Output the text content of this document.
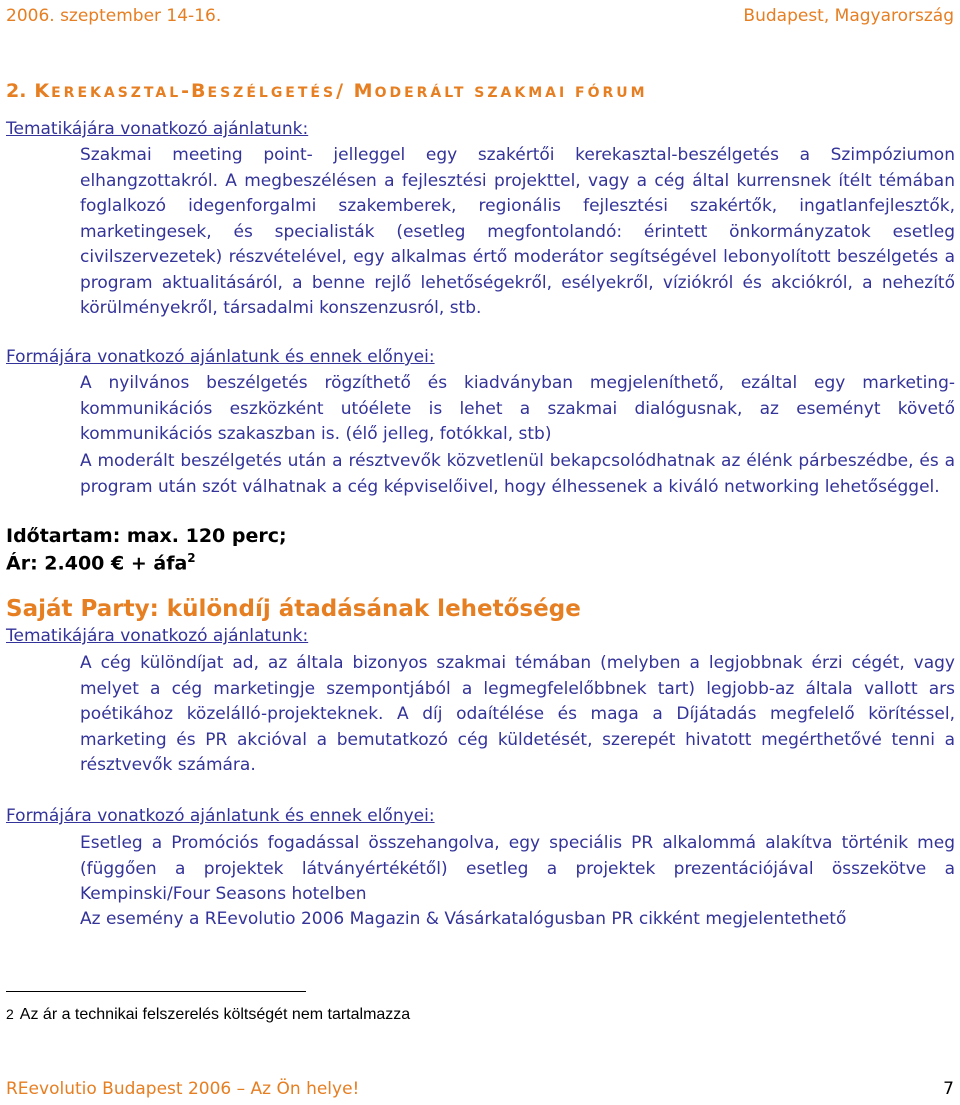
2006. szeptember 14-16.	Budapest, Magyarország
2. KEREKASZTAL-BESZÉLGETÉS/ MODERÁLT SZAKMAI FÓRUM
Tematikájára vonatkozó ajánlatunk:

Szakmai meeting point- jelleggel egy szakértői kerekasztal-beszélgetés a Szimpóziumon elhangzottakról. A megbeszélésen a fejlesztési projekttel, vagy a cég által kurrensnek ítélt témában foglalkozó idegenforgalmi szakemberek, regionális fejlesztési szakértők, ingatlanfejlesztők, marketingesek, és specialisták (esetleg megfontolandó: érintett önkormányzatok esetleg civilszervezetek) részvételével, egy alkalmas értő moderátor segítségével lebonyolított beszélgetés a program aktualitásáról, a benne rejlő lehetőségekről, esélyekről, víziókról és akciókról, a nehezítő körülményekről, társadalmi konszenzusról, stb.

Formájára vonatkozó ajánlatunk és ennek előnyei:

A nyilvános beszélgetés rögzíthető és kiadványban megjeleníthető, ezáltal egy marketing-kommunikációs eszközként utóélete is lehet a szakmai dialógusnak, az eseményt követő kommunikációs szakaszban is. (élő jelleg, fotókkal, stb)

A moderált beszélgetés után a résztvevők közvetlenül bekapcsolódhatnak az élénk párbeszédbe, és a program után szót válhatnak a cég képviselőivel, hogy élhessenek a kiváló networking lehetőséggel.

Időtartam: max. 120 perc;
Ár: 2.400 € + áfa$^2$
Saját Party: különdíj átadásának lehetősége
Tematikájára vonatkozó ajánlatunk:

A cég különdíjat ad, az általa bizonyos szakmai témában (melyben a legjobbnak érzi cégét, vagy melyet a cég marketingje szempontjából a legmegfelelőbbnek tart) legjobb-az általa vallott ars poétikához közelálló-projekteknek. A díj odaítélése és maga a Díjátadás megfelelő körítéssel, marketing és PR akcióval a bemutatkozó cég küldetését, szerepét hivatott megérthetővé tenni a résztvevők számára.

Formájára vonatkozó ajánlatunk és ennek előnyei:

Esetleg a Promóciós fogadással összehangolva, egy speciális PR alkalommá alakítva történik meg (függően a projektek látványértékétől) esetleg a projektek prezentációjával összekötve a Kempinski/Four Seasons hotelben

Az esemény a REevolutio 2006 Magazin & Vásárkatalógusban PR cikként megjelentethető

2 Az ár a technikai felszerelés költségét nem tartalmazza
REevolutio Budapest 2006 – Az Ön helye!	7
